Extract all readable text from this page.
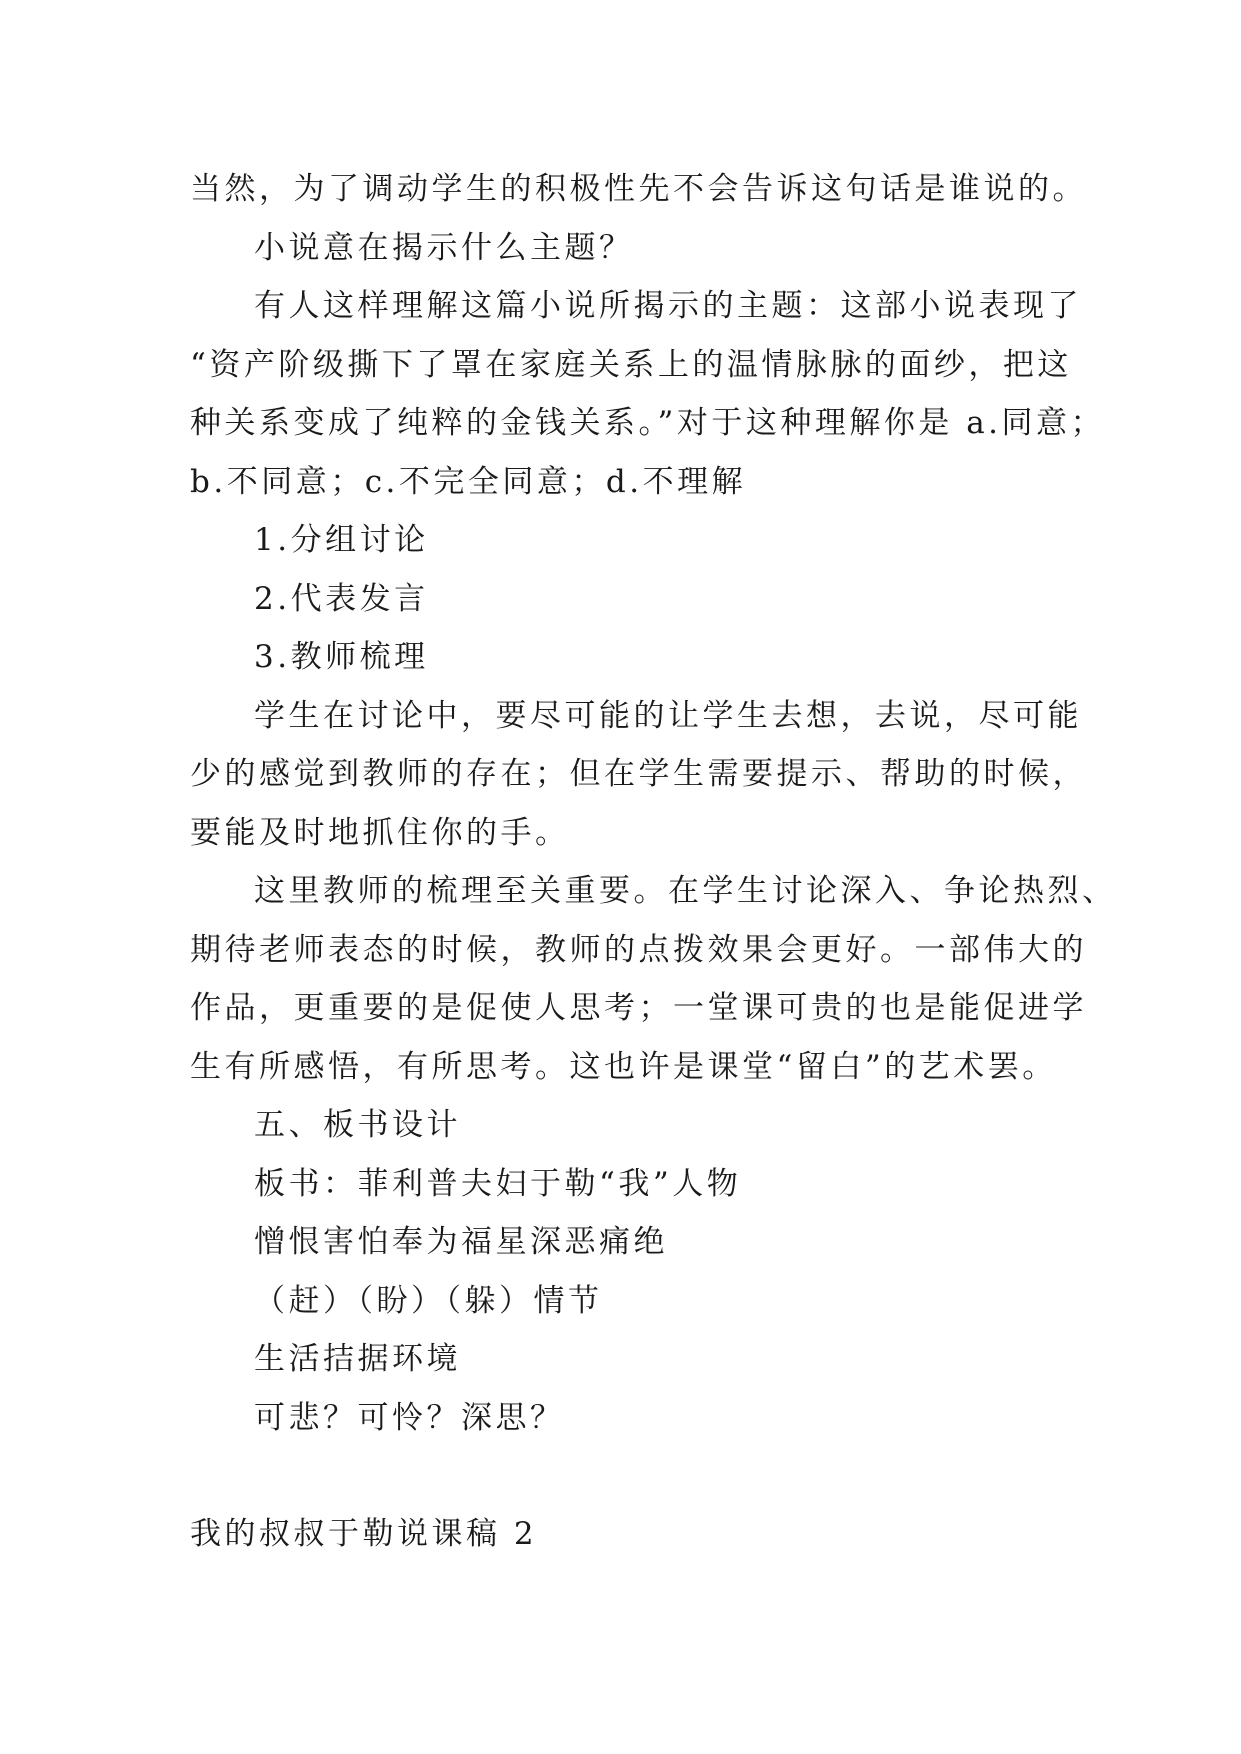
当然，为了调动学生的积极性先不会告诉这句话是谁说的。

小说意在揭示什么主题？

有人这样理解这篇小说所揭示的主题：这部小说表现了

“资产阶级撕下了罩在家庭关系上的温情脉脉的面纱，把这

种关系变成了纯粹的金钱关系。”对于这种理解你是 a.同意；

b.不同意；c.不完全同意；d.不理解

1.分组讨论

2.代表发言

3.教师梳理

学生在讨论中，要尽可能的让学生去想，去说，尽可能

少的感觉到教师的存在；但在学生需要提示、帮助的时候，

要能及时地抓住你的手。

这里教师的梳理至关重要。在学生讨论深入、争论热烈、

期待老师表态的时候，教师的点拨效果会更好。一部伟大的

作品，更重要的是促使人思考；一堂课可贵的也是能促进学

生有所感悟，有所思考。这也许是课堂“留白”的艺术罢。

五、板书设计

板书：菲利普夫妇于勒“我”人物

憎恨害怕奉为福星深恶痛绝

（赶）（盼）（躲）情节

生活拮据环境

可悲？可怜？深思？

我的叔叔于勒说课稿 2
